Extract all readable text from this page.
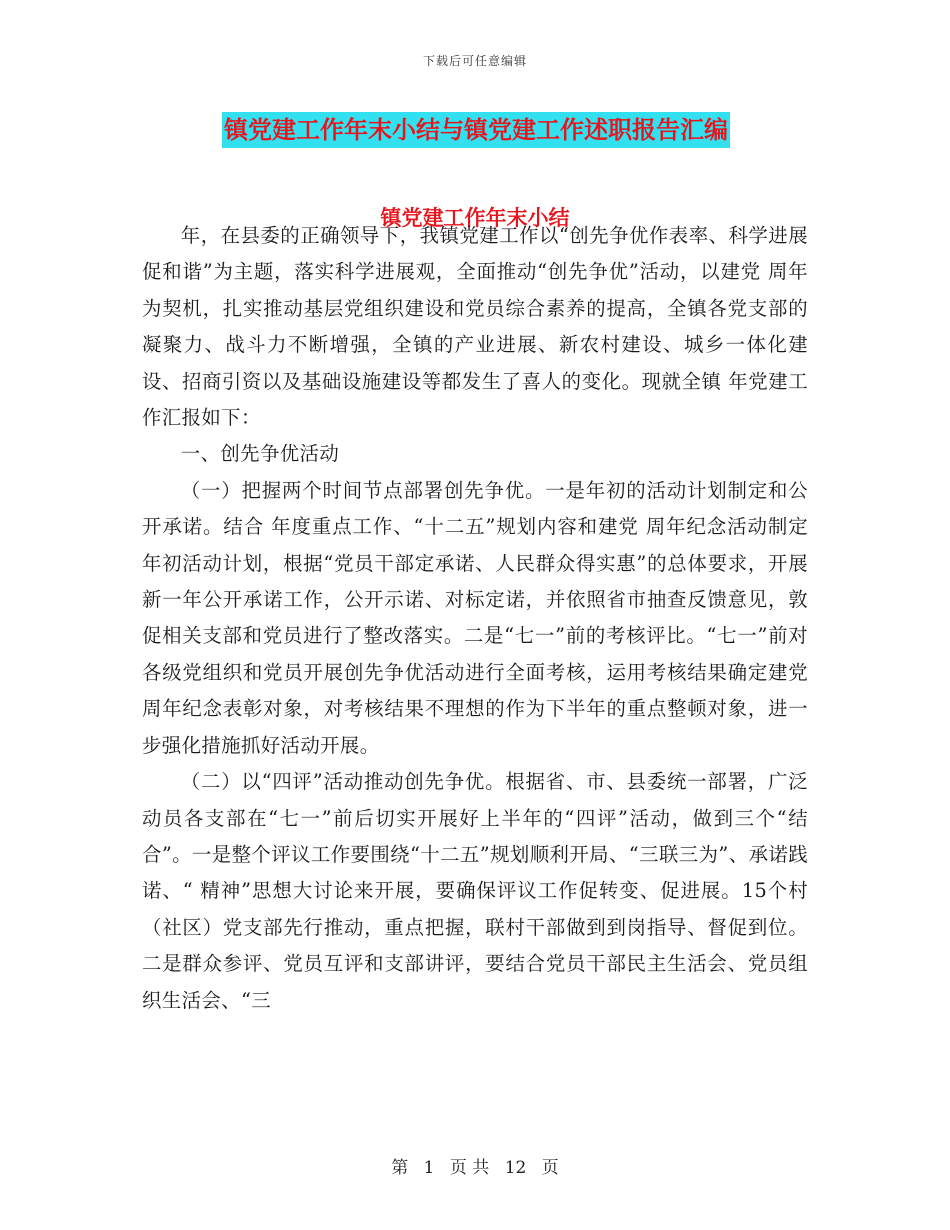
下载后可任意编辑
镇党建工作年末小结与镇党建工作述职报告汇编
镇党建工作年末小结

年，在县委的正确领导下，我镇党建工作以“创先争优作表率、科学进展促和谐”为主题，落实科学进展观，全面推动“创先争优”活动，以建党 周年为契机，扎实推动基层党组织建设和党员综合素养的提高，全镇各党支部的凝聚力、战斗力不断增强，全镇的产业进展、新农村建设、城乡一体化建设、招商引资以及基础设施建设等都发生了喜人的变化。现就全镇 年党建工作汇报如下：

一、创先争优活动

（一）把握两个时间节点部署创先争优。一是年初的活动计划制定和公开承诺。结合 年度重点工作、“十二五”规划内容和建党 周年纪念活动制定年初活动计划，根据“党员干部定承诺、人民群众得实惠”的总体要求，开展新一年公开承诺工作，公开示诺、对标定诺，并依照省市抽查反馈意见，敦促相关支部和党员进行了整改落实。二是“七一”前的考核评比。“七一”前对各级党组织和党员开展创先争优活动进行全面考核，运用考核结果确定建党 周年纪念表彰对象，对考核结果不理想的作为下半年的重点整顿对象，进一步强化措施抓好活动开展。

（二）以“四评”活动推动创先争优。根据省、市、县委统一部署，广泛动员各支部在“七一”前后切实开展好上半年的“四评”活动，做到三个“结合”。一是整个评议工作要围绕“十二五”规划顺利开局、“三联三为”、承诺践诺、“ 精神”思想大讨论来开展，要确保评议工作促转变、促进展。15个村（社区）党支部先行推动，重点把握，联村干部做到到岗指导、督促到位。二是群众参评、党员互评和支部讲评，要结合党员干部民主生活会、党员组织生活会、“三

第 1 页 共 12 页
